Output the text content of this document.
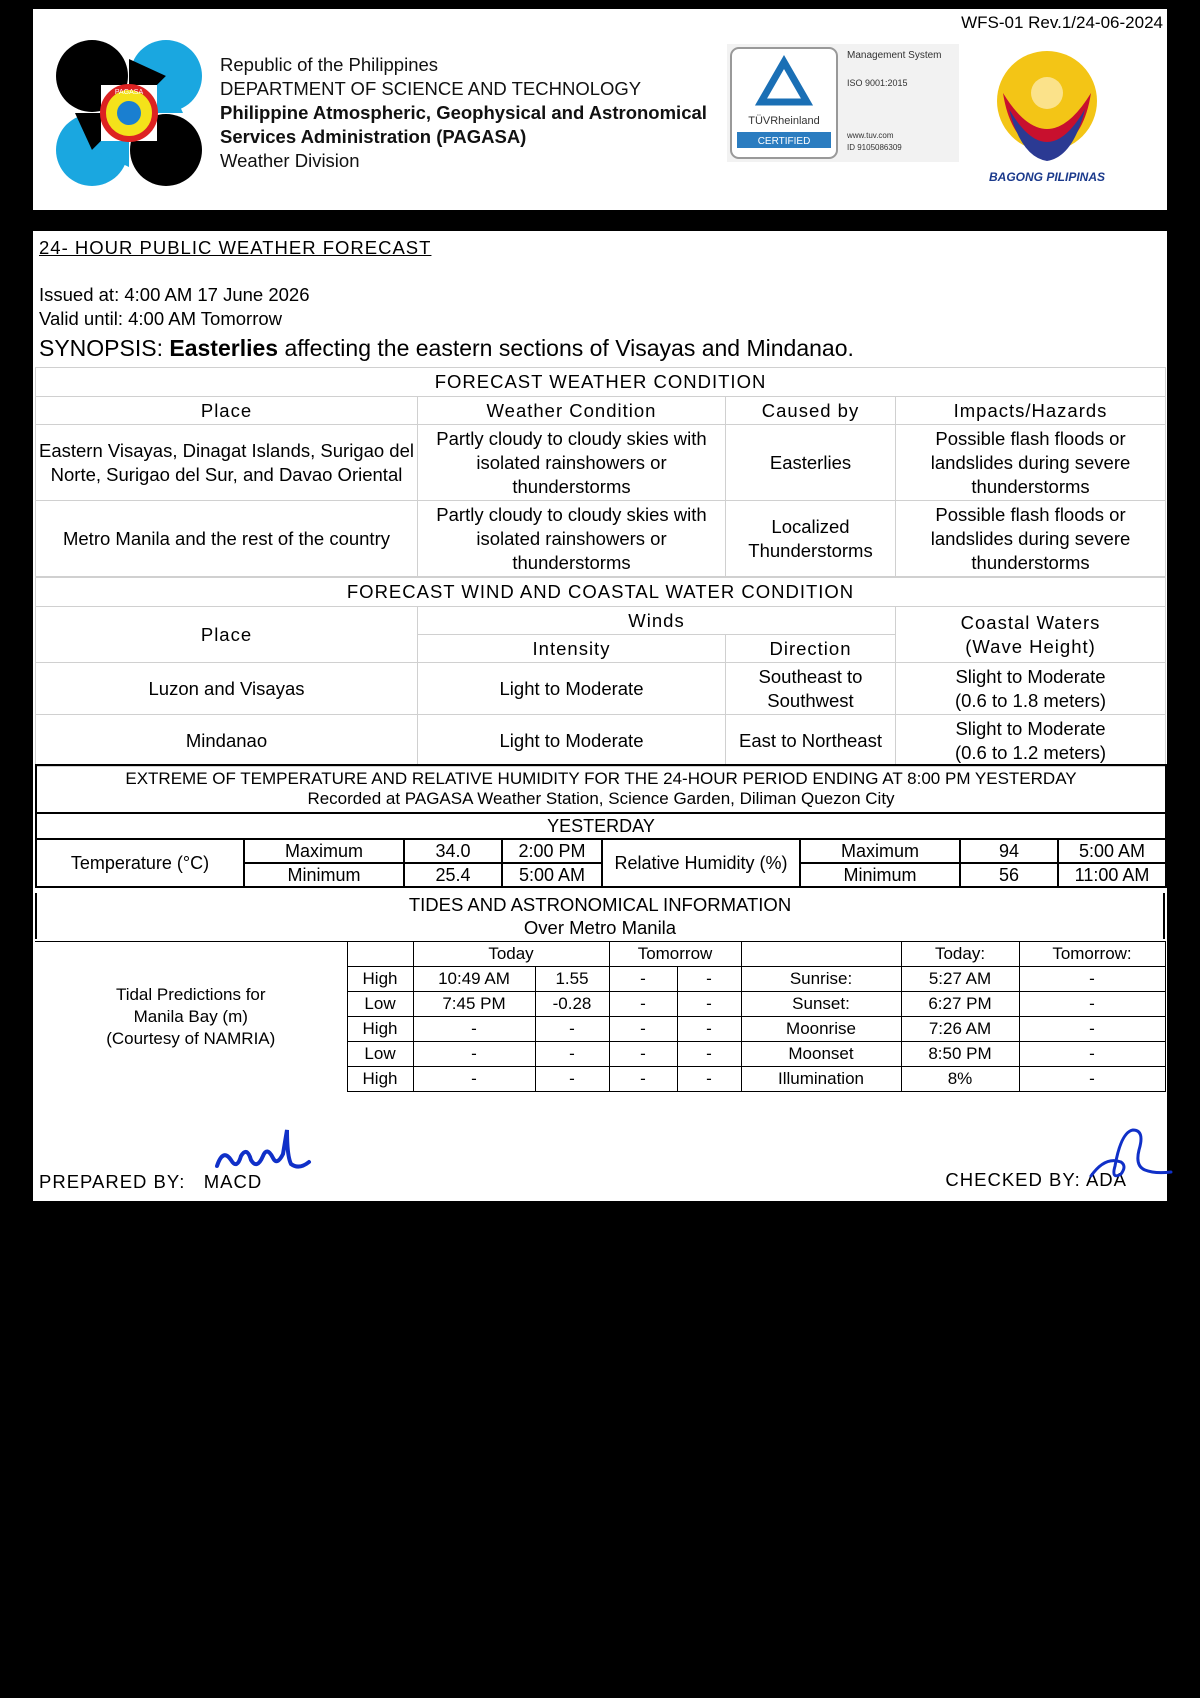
WFS-01 Rev.1/24-06-2024
PAGASA
Republic of the Philippines
DEPARTMENT OF SCIENCE AND TECHNOLOGY
Philippine Atmospheric, Geophysical and Astronomical
Services Administration (PAGASA)
Weather Division
TÜVRheinland
CERTIFIED
Management System
ISO 9001:2015
www.tuv.com
ID 9105086309
BAGONG PILIPINAS
24- HOUR PUBLIC WEATHER FORECAST
Issued at: 4:00 AM 17 June 2026
Valid until: 4:00 AM Tomorrow
SYNOPSIS: Easterlies affecting the eastern sections of Visayas and Mindanao.
FORECAST WEATHER CONDITION			
Place	Weather Condition	Caused by	Impacts/Hazards
Eastern Visayas, Dinagat Islands, Surigao del Norte, Surigao del Sur, and Davao Oriental	Partly cloudy to cloudy skies with isolated rainshowers or thunderstorms	Easterlies	Possible flash floods or landslides during severe thunderstorms
Metro Manila and the rest of the country	Partly cloudy to cloudy skies with isolated rainshowers or thunderstorms	Localized Thunderstorms	Possible flash floods or landslides during severe thunderstorms
FORECAST WIND AND COASTAL WATER CONDITION			
Place	Winds		Coastal Waters
(Wave Height)

	Intensity	Direction	
Luzon and Visayas	Light to Moderate	Southeast to Southwest	Slight to Moderate
(0.6 to 1.8 meters)

Mindanao	Light to Moderate	East to Northeast	Slight to Moderate
(0.6 to 1.2 meters)
EXTREME OF TEMPERATURE AND RELATIVE HUMIDITY FOR THE 24-HOUR PERIOD ENDING AT 8:00 PM YESTERDAY
Recorded at PAGASA Weather Station, Science Garden, Diliman Quezon City							

YESTERDAY							
Temperature (°C)	Maximum	34.0	2:00 PM	Relative Humidity (%)	Maximum	94	5:00 AM
	Minimum	25.4	5:00 AM		Minimum	56	11:00 AM
TIDES AND ASTRONOMICAL INFORMATION
Over Metro Manila
Tidal Predictions for Manila Bay (m) (Courtesy of NAMRIA)		Today		Tomorrow			Today:	Tomorrow:
	High	10:49 AM	1.55	-	-	Sunrise:	5:27 AM	-
	Low	7:45 PM	-0.28	-	-	Sunset:	6:27 PM	-
	High	-	-	-	-	Moonrise	7:26 AM	-
	Low	-	-	-	-	Moonset	8:50 PM	-
	High	-	-	-	-	Illumination	8%	-
PREPARED BY: MACD	CHECKED BY: ADA
